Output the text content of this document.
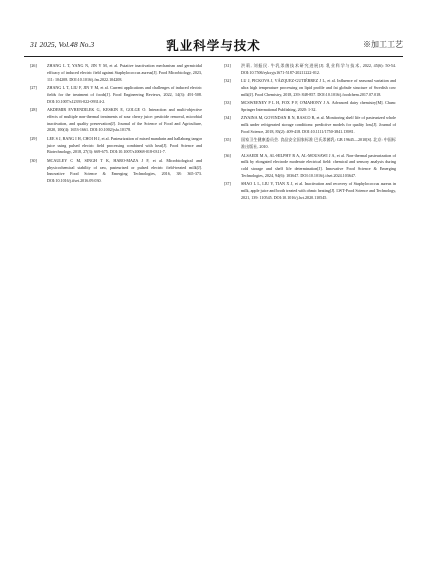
31 2025, Vol.48 No.3	乳业科学与技术	※加工工艺
[26]	ZHANG L T, YANG N, JIN Y M, et al. Putative inactivation mechanism and germicidal efficacy of induced electric field against Staphylococcus aureus[J]. Food Microbiology, 2023, 111: 104208. DOI:10.1016/j.fm.2022.104208.
[27]	ZHANG L T, LIU F, JIN Y M, et al. Current applications and challenges of induced electric fields for the treatment of foods[J]. Food Engineering Reviews, 2022, 14(3): 491-508. DOI:10.1007/s12393-022-09314-2.
[28]	AKDEMIR EVRENDILEK G, KESKIN E, GOLGE O. Interaction and multi-objective effects of multiple non-thermal treatments of sour cherry juice: pesticide removal, microbial inactivation, and quality preservation[J]. Journal of the Science of Food and Agriculture, 2020, 100(4): 1653-1661. DOI:10.1002/jsfa.10178.
[29]	LEE S J, BANG I H, CHOI H J, et al. Pasteurization of mixed mandarin and hallabong tangor juice using pulsed electric field processing combined with heat[J]. Food Science and Biotechnology, 2018, 27(3): 669-675. DOI:10.1007/s10068-018-0311-7.
[30]	MCAULEY C M, SINGH T K, HARO-MAZA J F, et al. Microbiological and physicochemical stability of raw, pasteurised or pulsed electric field-treated milk[J]. Innovative Food Science & Emerging Technologies, 2016, 38: 365-373. DOI:10.1016/j.ifset.2016.09.030.
[31]	洪莉, 刘振民. 牛乳杀菌技术研究进展[J]. 乳业科学与技术, 2022, 45(6): 50-54. DOI:10.7506/rykxyjs1671-5187-20211222-012.
[32]	LU J, PICKOVA J, VÁZQUEZ-GUTIÉRREZ J L, et al. Influence of seasonal variation and ultra high temperature processing on lipid profile and fat globule structure of Swedish cow milk[J]. Food Chemistry, 2018, 239: 848-857. DOI:10.1016/j.foodchem.2017.07.018.
[33]	MCSWEENEY P L H, FOX P F, O'MAHONY J A. Advanced dairy chemistry[M]. Cham: Springer International Publishing, 2020: 1-32.
[34]	ZIYAINA M, GOVINDAN B N, RASCO B, et al. Monitoring shelf life of pasteurized whole milk under refrigerated storage conditions: predictive models for quality loss[J]. Journal of Food Science, 2018, 83(2): 409-418. DOI:10.1111/1750-3841.13981.
[35]	国家卫生健康委员会. 食品安全国家标准 巴氏杀菌乳: GB 19645—2010[S]. 北京: 中国标准出版社, 2010.
[36]	ALSAEDI M A, AL-HILPHY R A, AL-MOUSAWI J A, et al. Non-thermal pasteurization of milk by elongated electrode moderate electrical field: chemical and sensory analysis during cold storage and shelf life determination[J]. Innovative Food Science & Emerging Technologies, 2024, 94(6): 103647. DOI:10.1016/j.ifset.2024.103647.
[37]	SHAO L L, LIU Y, TIAN X J, et al. Inactivation and recovery of Staphylococcus aureus in milk, apple juice and broth treated with ohmic heating[J]. LWT-Food Science and Technology, 2021, 139: 110545. DOI:10.1016/j.lwt.2020.110545.
